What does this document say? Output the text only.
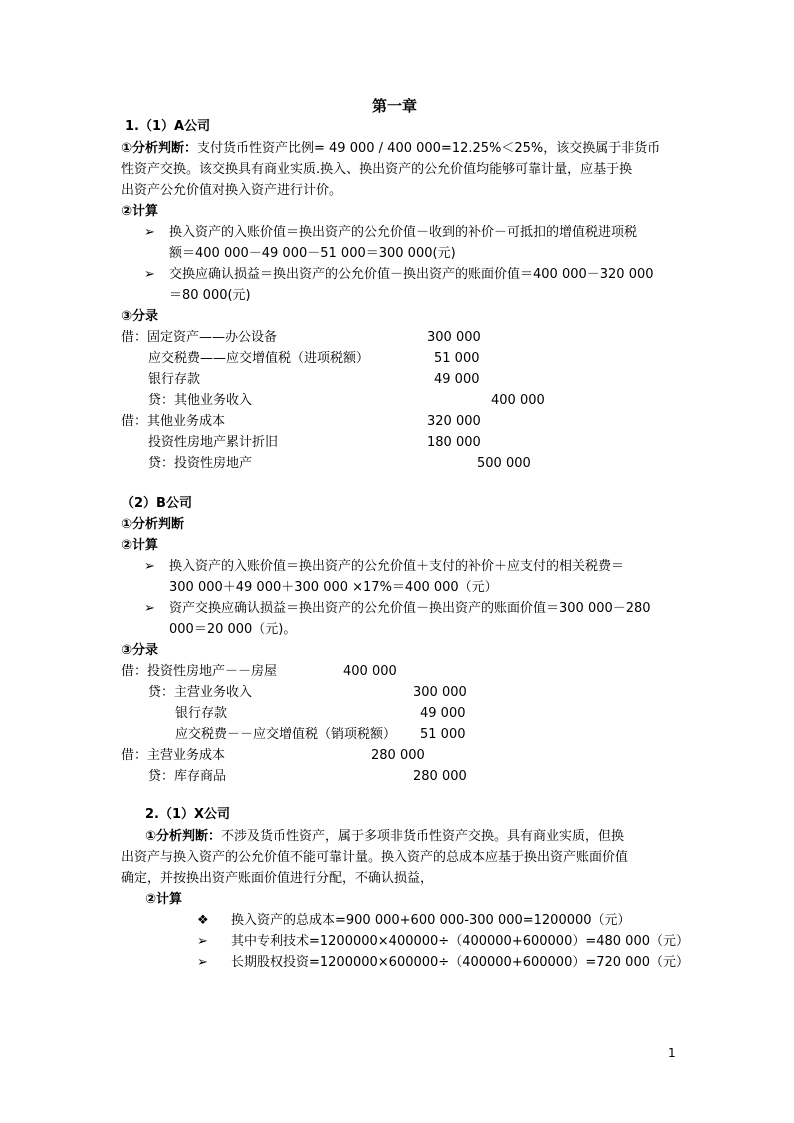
第一章
1.（1）A公司
①分析判断：支付货币性资产比例= 49 000 / 400 000=12.25%＜25%，该交换属于非货币
性资产交换。该交换具有商业实质.换入、换出资产的公允价值均能够可靠计量，应基于换
出资产公允价值对换入资产进行计价。
②计算
➢ 换入资产的入账价值＝换出资产的公允价值－收到的补价－可抵扣的增值税进项税
额＝400 000－49 000－51 000＝300 000(元)
➢ 交换应确认损益＝换出资产的公允价值－换出资产的账面价值＝400 000－320 000
＝80 000(元)
③分录
借：固定资产——办公设备	300 000
应交税费——应交增值税（进项税额）	51 000
银行存款	49 000
贷：其他业务收入	400 000
借：其他业务成本	320 000
投资性房地产累计折旧	180 000
贷：投资性房地产	500 000
（2）B公司
①分析判断
②计算
➢ 换入资产的入账价值＝换出资产的公允价值＋支付的补价＋应支付的相关税费＝
300 000＋49 000＋300 000 ×17%＝400 000（元）
➢ 资产交换应确认损益＝换出资产的公允价值－换出资产的账面价值＝300 000－280
000＝20 000（元)。
③分录
借：投资性房地产－－房屋	400 000
贷：主营业务收入	300 000
银行存款	49 000
应交税费－－应交增值税（销项税额） 51 000
借：主营业务成本	280 000
贷：库存商品	280 000
2.（1）X公司
①分析判断：不涉及货币性资产，属于多项非货币性资产交换。具有商业实质，但换
出资产与换入资产的公允价值不能可靠计量。换入资产的总成本应基于换出资产账面价值
确定，并按换出资产账面价值进行分配，不确认损益，
②计算
❖ 换入资产的总成本=900 000+600 000-300 000=1200000（元）
➢ 其中专利技术=1200000×400000÷（400000+600000）=480 000（元）
➢ 长期股权投资=1200000×600000÷（400000+600000）=720 000（元）
1
